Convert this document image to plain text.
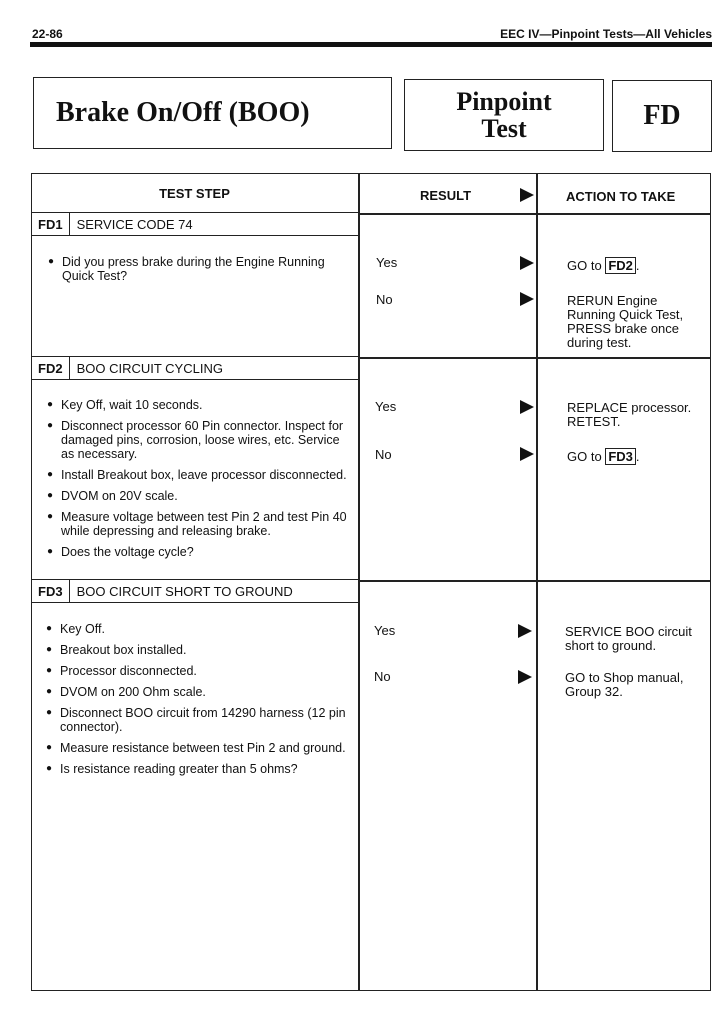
22-86	EEC IV—Pinpoint Tests—All Vehicles
Brake On/Off (BOO)	Pinpoint
Test	FD
TEST STEP	RESULT	ACTION TO TAKE
FD1	SERVICE CODE 74
● Did you press brake during the Engine Running Quick Test?
Yes	GO to FD2 .
No	RERUN Engine Running Quick Test, PRESS brake once during test.
FD2	BOO CIRCUIT CYCLING
● Key Off, wait 10 seconds.
● Disconnect processor 60 Pin connector. Inspect for damaged pins, corrosion, loose wires, etc. Service as necessary.
● Install Breakout box, leave processor disconnected.
● DVOM on 20V scale.
● Measure voltage between test Pin 2 and test Pin 40 while depressing and releasing brake.
● Does the voltage cycle?
Yes	REPLACE processor. RETEST.
No	GO to FD3 .
FD3	BOO CIRCUIT SHORT TO GROUND
● Key Off.
● Breakout box installed.
● Processor disconnected.
● DVOM on 200 Ohm scale.
● Disconnect BOO circuit from 14290 harness (12 pin connector).
● Measure resistance between test Pin 2 and ground.
● Is resistance reading greater than 5 ohms?
Yes	SERVICE BOO circuit short to ground.
No	GO to Shop manual, Group 32.
